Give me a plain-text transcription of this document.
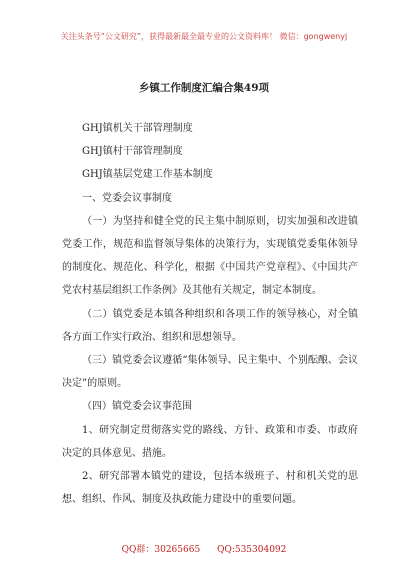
关注头条号“公文研究”，获得最新最全最专业的公文资料库！ 微信：gongwenyj
乡镇工作制度汇编合集49项

GHJ镇机关干部管理制度

GHJ镇村干部管理制度

GHJ镇基层党建工作基本制度

一、党委会议事制度

（一）为坚持和健全党的民主集中制原则，切实加强和改进镇党委工作，规范和监督领导集体的决策行为，实现镇党委集体领导的制度化、规范化、科学化，根据《中国共产党章程》、《中国共产党农村基层组织工作条例》及其他有关规定，制定本制度。

（二）镇党委是本镇各种组织和各项工作的领导核心，对全镇各方面工作实行政治、组织和思想领导。

（三）镇党委会议遵循“集体领导、民主集中、个别酝酿、会议决定”的原则。

（四）镇党委会议事范围

1、研究制定贯彻落实党的路线、方针、政策和市委、市政府决定的具体意见、措施。

2、研究部署本镇党的建设，包括本级班子、村和机关党的思想、组织、作风、制度及执政能力建设中的重要问题。

QQ群：30265665 QQ:535304092
